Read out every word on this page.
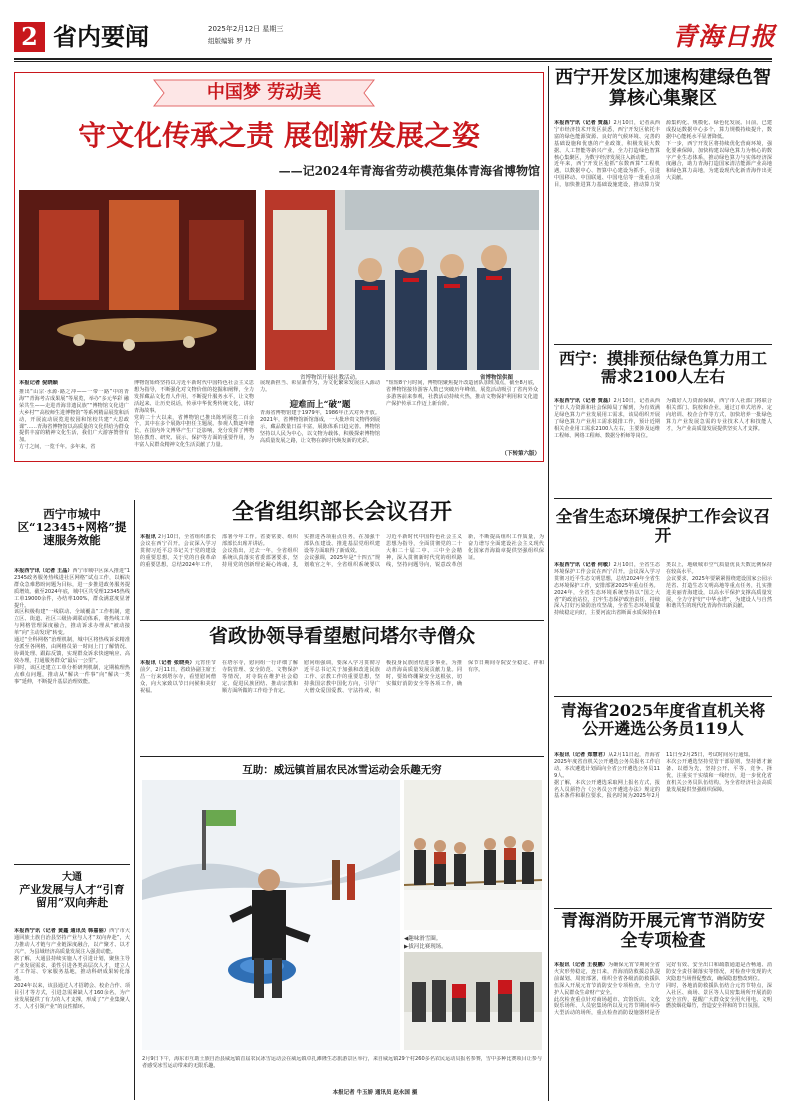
2 省内要闻	2025年2月12日 星期三
组版编辑 罗 丹	青海日报
中国梦 劳动美
守文化传承之责 展创新发展之姿
——记2024年青海省劳动模范集体青海省博物馆
省博物馆开展社教活动。	省博物馆供图
本报记者 倪晓颖
推出“山宗·水源·路之冲——一带一路”中的青海”“青海考古成果展”等展览，举办“多元华彩 融荣共生——走进青海非遗民族”“博物馆文化进广大乡村”“高校师生进博物馆”等系列精品展览和活动，开展流动展览进校园和馆校共建“大思政课”……青海省博物馆以高质量的文化供给为群众提供丰富的精神文化生活，我们广大游客赞誉有加。
方寸之间，一览千年。多年来，省
博物馆始终坚持以习近平新时代中国特色社会主义思想为指导，不断强化对文物价值的挖掘和阐释，全力发挥藏品文化育人作用，不断提升服务水平，让文物活起来、让历史说话，传承中华优秀传统文化，讲好青海故事。
党的二十大以来，省博物馆已推出陈列展览二百余个，其中在多个展陈中担任主题展。参观人数逐年增长，在国内外文博界产生广泛影响，充分发挥了博物馆在教育、研究、展示、保护等方面的重要作用，为丰富人民群众精神文化生活贡献了力量。
展现新担当、彰显新作为，为文化繁荣发展注入源动力。
迎难而上“破”题
青海省博物馆建于1979年，1986年正式对外开放。2021年，省博物馆新馆落成，一大批珍贵文物得到展示，藏品数量日益丰富，展陈体系日趋完善。博物馆坚持以人民为中心，以文物为载体，积极探索博物馆高质量发展之路，让文物在新时代焕发新的光彩。
“短短8个月时间，博物馆聚焦提升改造团队加班加点，截至8月底，省博物馆接待游客人数已突破历年峰值，展览活动吸引了省内外众多游客前来参观，社教活动持续火热，推动文物保护利用和文化遗产保护传承工作迈上新台阶。
（下转第六版）
西宁市城中区“12345+网格”提速服务效能
本报西宁讯（记者 王晶）西宁市城中区深入推进“12345政务服务热线进社区网格”试点工作，以解决群众急难愁盼问题为目标，进一步推进政务服务提质增效。截至2024年底，城中区共受理12345热线工单19000余件，办结率100%，群众满意度显著提升。
该区积极构建“一线联动、全域覆盖”工作机制，建立区、街道、社区三级协调联动体系，将热线工单与网格管理深度融合，推动诉求办理从“被动接单”向“主动发现”转变。
通过“全科网格”治理机制，城中区将热线诉求精准分派至各网格，由网格员第一时间上门了解情况、协调处理、跟踪反馈，实现群众诉求快速响应、高效办理，打通服务群众“最后一公里”。
同时，该区还建立工单分析研判机制，定期梳理热点难点问题，推动从“解决一件事”向“解决一类事”延伸，不断提升基层治理效能。
大通
产业发展与人才“引育留用”双向奔赴
本报西宁讯（记者 黄鑫 通讯员 韩嘉丽）西宁市大通回族土族自治县坚持产业与人才“双向奔赴”，大力推动人才链与产业链深度融合，以产聚才、以才兴产，为县域经济高质量发展注入强劲动能。
据了解，大通县持续实施人才引进计划，聚焦主导产业发展需求，柔性引进各类高层次人才，建立人才工作站、专家服务基地，推动科研成果转化落地。
2024年以来，该县通过人才招聘会、校企合作、项目引才等方式，引进急需紧缺人才160余名，为产业发展提供了有力的人才支撑，形成了“产业集聚人才、人才引领产业”的良性循环。
全省组织部长会议召开
本报讯 2月10日，全省组织部长会议在西宁召开。会议深入学习贯彻习近平总书记关于党的建设的重要思想，关于党的自我革命的重要思想，总结2024年工作，部署今年工作。省委常委、组织部部长出席并讲话。
会议指出，过去一年，全省组织系统认真落实省委部署要求，坚持用党的创新理论凝心铸魂，扎实推进各项重点任务，在加强干部队伍建设、推进基层党组织建设等方面取得了新成效。
会议强调，2025年是“十四五”规划收官之年，全省组织系统要以习近平新时代中国特色社会主义思想为指导，全面贯彻党的二十大和二十届二中、三中全会精神，深入贯彻新时代党的组织路线，坚持问题导向，锐意改革创新，不断提高组织工作质量，为奋力谱写全面建设社会主义现代化国家青海篇章提供坚强组织保证。
省政协领导看望慰问塔尔寺僧众
本报讯（记者 张晓英）元宵佳节前夕，2月11日，省政协副主席王昌一行来到塔尔寺，看望慰问僧众，向大家致以节日问候和美好祝福。
在塔尔寺，慰问组一行详细了解寺院管理、安全防范、文物保护等情况，对寺院在维护社会稳定、促进民族团结、推动宗教和顺方面所做的工作给予肯定。
慰问组强调，要深入学习贯彻习近平总书记关于加强和改进民族工作、宗教工作的重要思想，坚持我国宗教中国化方向，引导广大僧众爱国爱教、守法持戒，积极投身民族团结进步事业，为推动青海高质量发展贡献力量。同时，要始终绷紧安全这根弦，切实做好消防安全等各项工作，确保节日期间寺院安全稳定、祥和有序。
互助：威远镇首届农民冰雪运动会乐趣无穷
◀趣味滑雪圈。
▶拔河比赛现场。
2月9日下午，海东市互助土族自治县威远镇首届农民冰雪运动会在威远镇卓扎滩隆生态旅游景区举行，来自威远镇29个村260多名农民运动员报名参赛，雪中多种比赛项目让参与者感受冰雪运动带来的无限乐趣。
本报记者 牛玉娇 通讯员 赵永国 摄
西宁开发区加速构建绿色智算核心集聚区
本报西宁讯（记者 贾磊）2月10日，记者从西宁市经济技术开发区获悉，西宁开发区依托丰富的绿色能源资源、良好的气候环境、完善的基础设施和优惠的产业政策，积极发展大数据、人工智能等新兴产业，全力打造绿色智算核心集聚区，为数字经济发展注入新动能。
近年来，西宁开发区抢抓“东数西算”工程机遇，以数据中心、智算中心建设为抓手，引进中国移动、中国联通、中国电信等一批重点项目，加快推进算力基础设施建设，推动算力资源集约化、规模化、绿色化发展。目前，已建成投运数据中心多个，算力规模持续提升，数据中心能耗水平显著降低。
下一步，西宁开发区将持续优化营商环境，强化要素保障，加快构建以绿色算力为核心的数字产业生态体系，推动绿色算力与实体经济深度融合，助力青海打造国家清洁能源产业高地和绿色算力高地，为建设现代化新青海作出更大贡献。
西宁：摸排预估绿色算力用工需求2100人左右
本报西宁讯（记者 贾磊）2月10日，记者从西宁市人力资源和社会保障局了解到，为有效满足绿色算力产业发展用工需求，该局组织开展了绿色算力产业用工需求摸排工作，预计近期相关企业用工需求2100人左右，主要涉及运维工程师、网络工程师、数据分析师等岗位。
为做好人力资源保障，西宁市人社部门将联合相关部门、院校和企业，通过订单式培养、定向培训、校企合作等方式，加快培养一批绿色算力产业发展急需的专业技术人才和技能人才，为产业高质量发展提供坚实人才支撑。
全省生态环境保护工作会议召开
本报西宁讯（记者 何敏）2月10日，全省生态环境保护工作会议在西宁召开。会议深入学习贯彻习近平生态文明思想，总结2024年全省生态环境保护工作，安排部署2025年重点任务。
2024年，全省生态环境系统坚持以“国之大者”的政治站位，扛牢生态保护政治责任，持续深入打好污染防治攻坚战，全省生态环境质量持续稳定向好，主要河流出省断面水质保持在Ⅱ类以上，地级城市空气质量优良天数比例保持在较高水平。
会议要求，2025年要紧紧围绕建设国家公园示范省、打造生态文明高地等重点任务，扎实推进美丽青海建设，以高水平保护支撑高质量发展，全力守护好“中华水塔”，为建设人与自然和谐共生的现代化青海作出新贡献。
青海省2025年度省直机关将公开遴选公务员119人
本报讯（记者 郑慧君）从2月11日起，青海省2025年度省直机关公开遴选公务员报名工作启动，本次遴选计划面向全省公开遴选公务员119人。
据了解，本次公开遴选采取网上报名方式，报名人员须符合《公务员公开遴选办法》规定的基本条件和职位要求。报名时间为2025年2月11日至2月25日，考试时间另行通知。
本次公开遴选坚持党管干部原则，坚持德才兼备、以德为先，坚持公开、平等、竞争、择优，注重实干实绩和一线经历，进一步优化省直机关公务员队伍结构，为全省经济社会高质量发展提供坚强组织保障。
青海消防开展元宵节消防安全专项检查
本报讯（记者 王俊鹏）为确保元宵节期间全省火灾形势稳定，连日来，青海消防救援总队提前谋划、周密部署，组织全省各级消防救援队伍深入开展元宵节消防安全专项检查，全力守护人民群众生命财产安全。
此次检查重点针对商场超市、宾馆饭店、文化娱乐场所、人员密集场所以及元宵节期间举办大型活动的场所，重点检查消防设施器材是否完好有效、安全出口和疏散通道是否畅通、消防安全责任制落实等情况，对检查中发现的火灾隐患当场督促整改，确保隐患整改到位。
同时，各地消防救援队伍结合元宵节特点，深入社区、商场、景区等人员密集场所开展消防安全宣传，提醒广大群众安全用火用电、文明燃放烟花爆竹，营造安全祥和的节日氛围。
